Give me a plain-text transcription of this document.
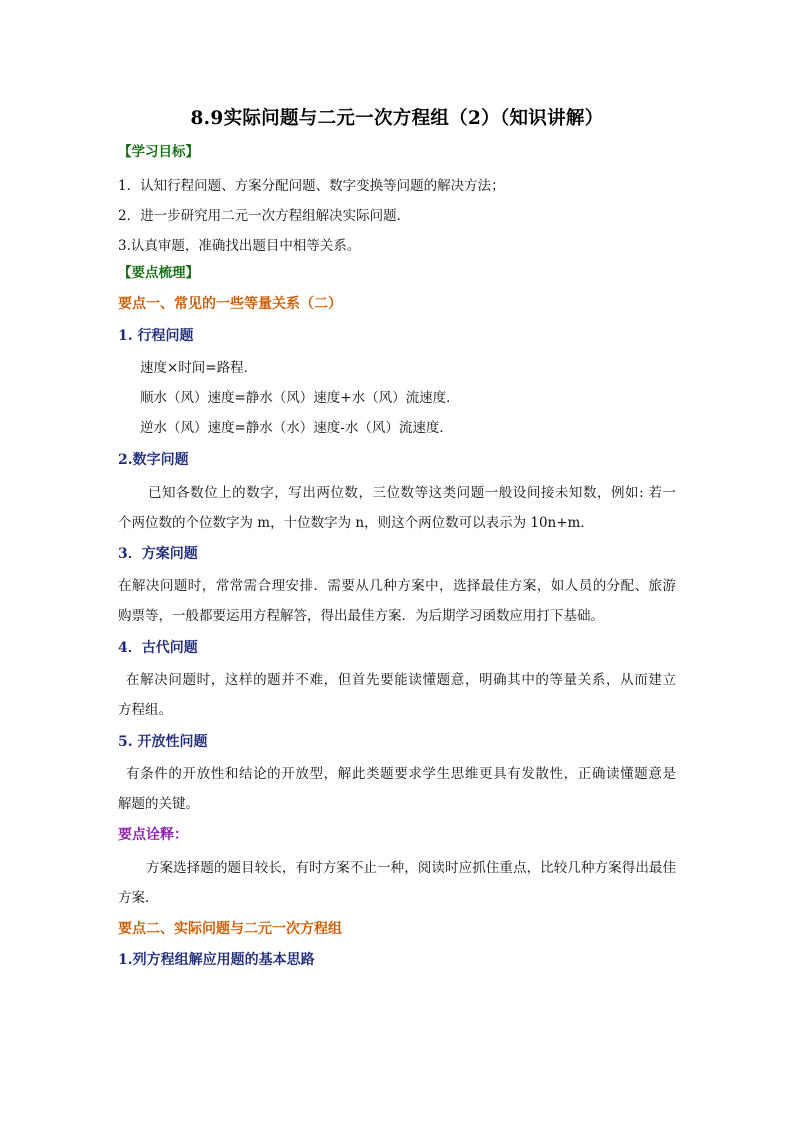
8.9实际问题与二元一次方程组（2）（知识讲解）
【学习目标】
1．认知行程问题、方案分配问题、数字变换等问题的解决方法；
2．进一步研究用二元一次方程组解决实际问题．
3.认真审题，准确找出题目中相等关系。
【要点梳理】
要点一、常见的一些等量关系（二）
1. 行程问题
速度×时间=路程．
顺水（风）速度=静水（风）速度+水（风）流速度．
逆水（风）速度=静水（水）速度-水（风）流速度．
2.数字问题
已知各数位上的数字，写出两位数，三位数等这类问题一般设间接未知数，例如: 若一
个两位数的个位数字为 m，十位数字为 n，则这个两位数可以表示为 10n+m．
3．方案问题
在解决问题时，常常需合理安排．需要从几种方案中，选择最佳方案，如人员的分配、旅游
购票等，一般都要运用方程解答，得出最佳方案．为后期学习函数应用打下基础。
4．古代问题
在解决问题时，这样的题并不难，但首先要能读懂题意，明确其中的等量关系，从而建立
方程组。
5. 开放性问题
有条件的开放性和结论的开放型，解此类题要求学生思维更具有发散性，正确读懂题意是
解题的关键。
要点诠释：
方案选择题的题目较长，有时方案不止一种，阅读时应抓住重点，比较几种方案得出最佳
方案．
要点二、实际问题与二元一次方程组
1.列方程组解应用题的基本思路
